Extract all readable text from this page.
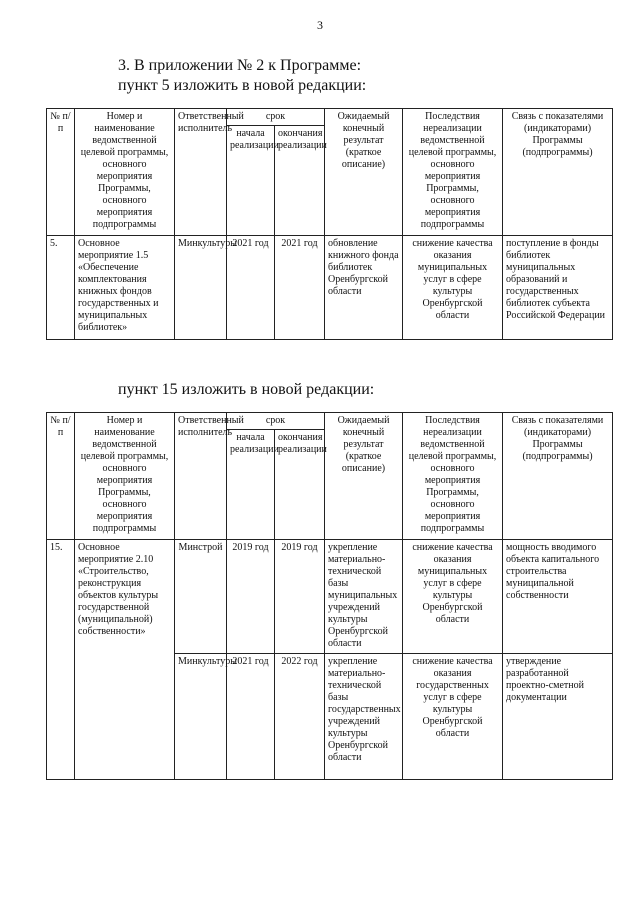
3
3. В приложении № 2 к Программе:
пункт 5 изложить в новой редакции:
№ п/п	Номер и наименование ведомственной целевой программы, основного мероприятия Программы, основного мероприятия подпрограммы	Ответственный исполнитель	срок		Ожидаемый конечный результат (краткое описание)	Последствия нереализации ведомственной целевой программы, основного мероприятия Программы, основного мероприятия подпрограммы	Связь с показателями (индикаторами) Программы (подпрограммы)
			начала реализации	окончания реализации			
5.	Основное мероприятие 1.5 «Обеспечение комплектования книжных фондов государственных и муниципальных библиотек»	Минкультуры	2021 год	2021 год	обновление книжного фонда библиотек Оренбургской области	снижение качества оказания муниципальных услуг в сфере культуры Оренбургской области	поступление в фонды библиотек муниципальных образований и государственных библиотек субъекта Российской Федерации
пункт 15 изложить в новой редакции:
№ п/п	Номер и наименование ведомственной целевой программы, основного мероприятия Программы, основного мероприятия подпрограммы	Ответственный исполнитель	срок		Ожидаемый конечный результат (краткое описание)	Последствия нереализации ведомственной целевой программы, основного мероприятия Программы, основного мероприятия подпрограммы	Связь с показателями (индикаторами) Программы (подпрограммы)
			начала реализации	окончания реализации			
15.	Основное мероприятие 2.10 «Строительство, реконструкция объектов культуры государственной (муниципальной) собственности»	Минстрой	2019 год	2019 год	укрепление материально-технической базы муниципальных учреждений культуры Оренбургской области	снижение качества оказания муниципальных услуг в сфере культуры Оренбургской области	мощность вводимого объекта капитального строительства муниципальной собственности
		Минкультуры	2021 год	2022 год	укрепление материально-технической базы государственных учреждений культуры Оренбургской области	снижение качества оказания государственных услуг в сфере культуры Оренбургской области	утверждение разработанной проектно-сметной документации
